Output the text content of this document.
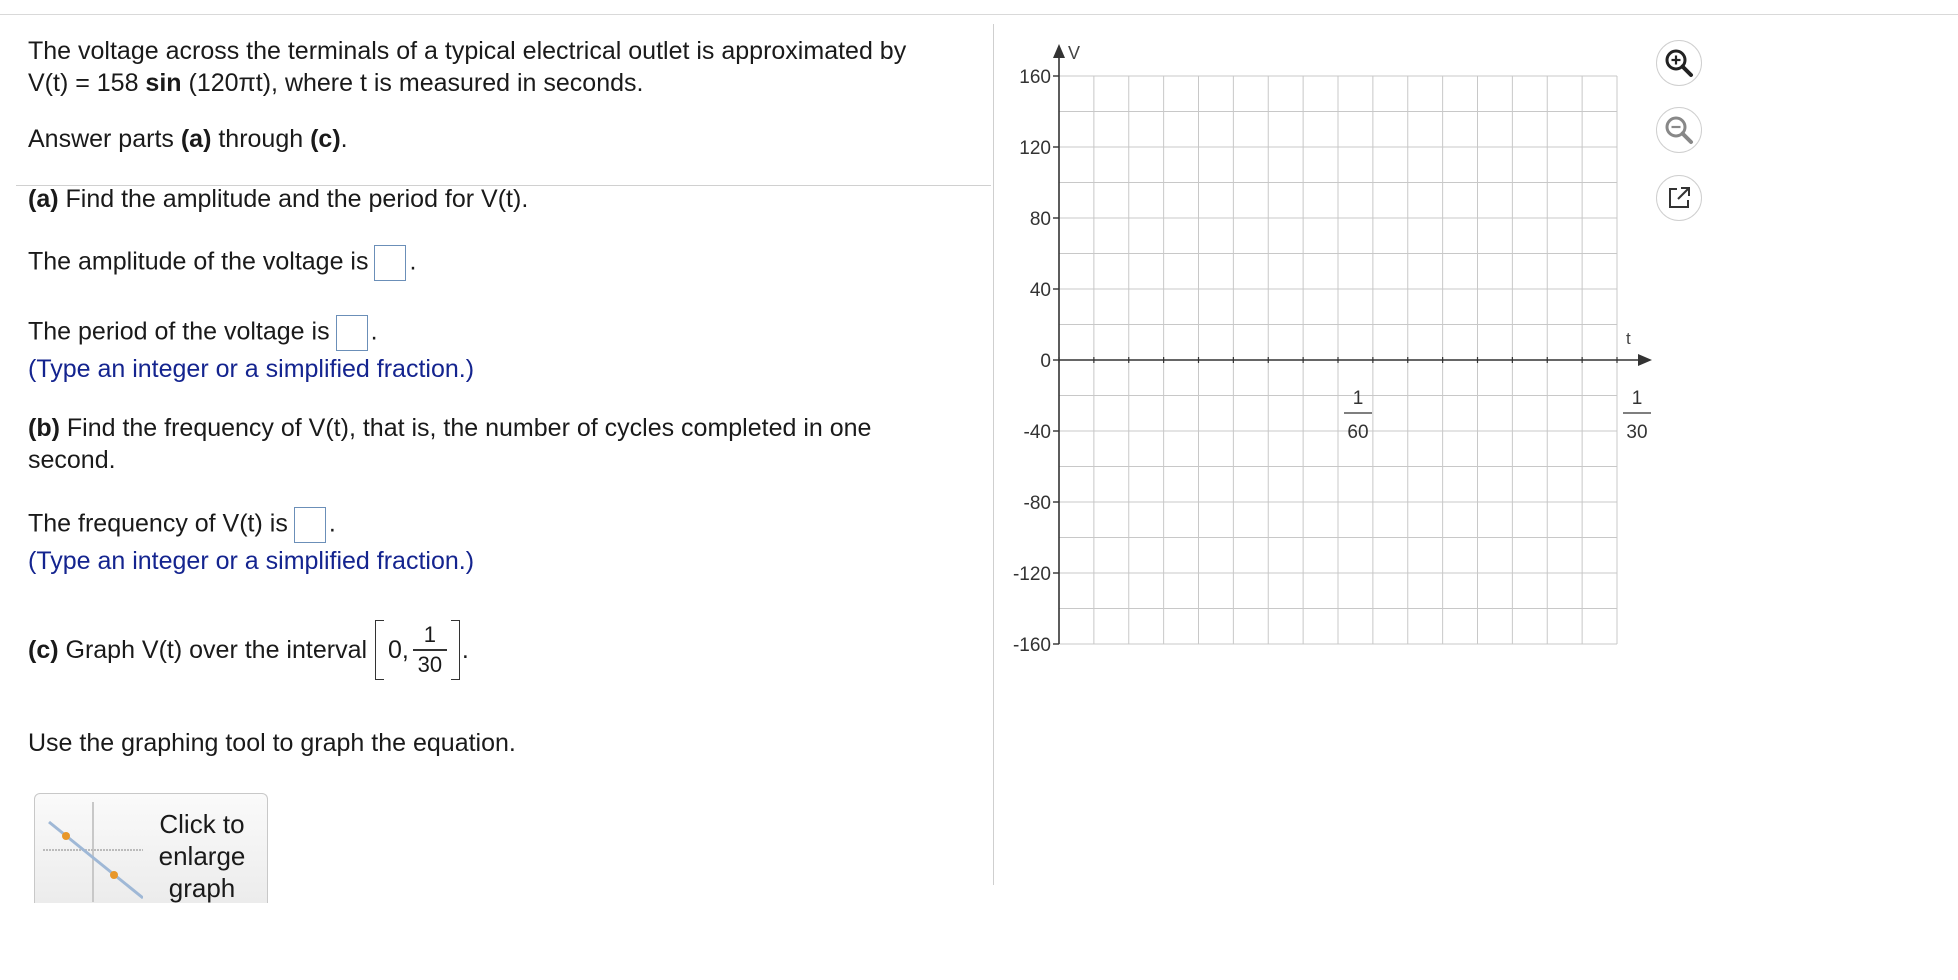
The voltage across the terminals of a typical electrical outlet is approximated by
V(t) = 158 sin (120πt), where t is measured in seconds.
Answer parts (a) through (c).
(a) Find the amplitude and the period for V(t).
The amplitude of the voltage is .
The period of the voltage is .
(Type an integer or a simplified fraction.)
(b) Find the frequency of V(t), that is, the number of cycles completed in one
second.
The frequency of V(t) is .
(Type an integer or a simplified fraction.)
(c) Graph V(t) over the interval 0, $\frac{1}{30}$ .
Use the graphing tool to graph the equation.
Click to
enlarge
graph
V
t
160
120
80
40
0
-40
-80
-120
-160
1
60
1
30
